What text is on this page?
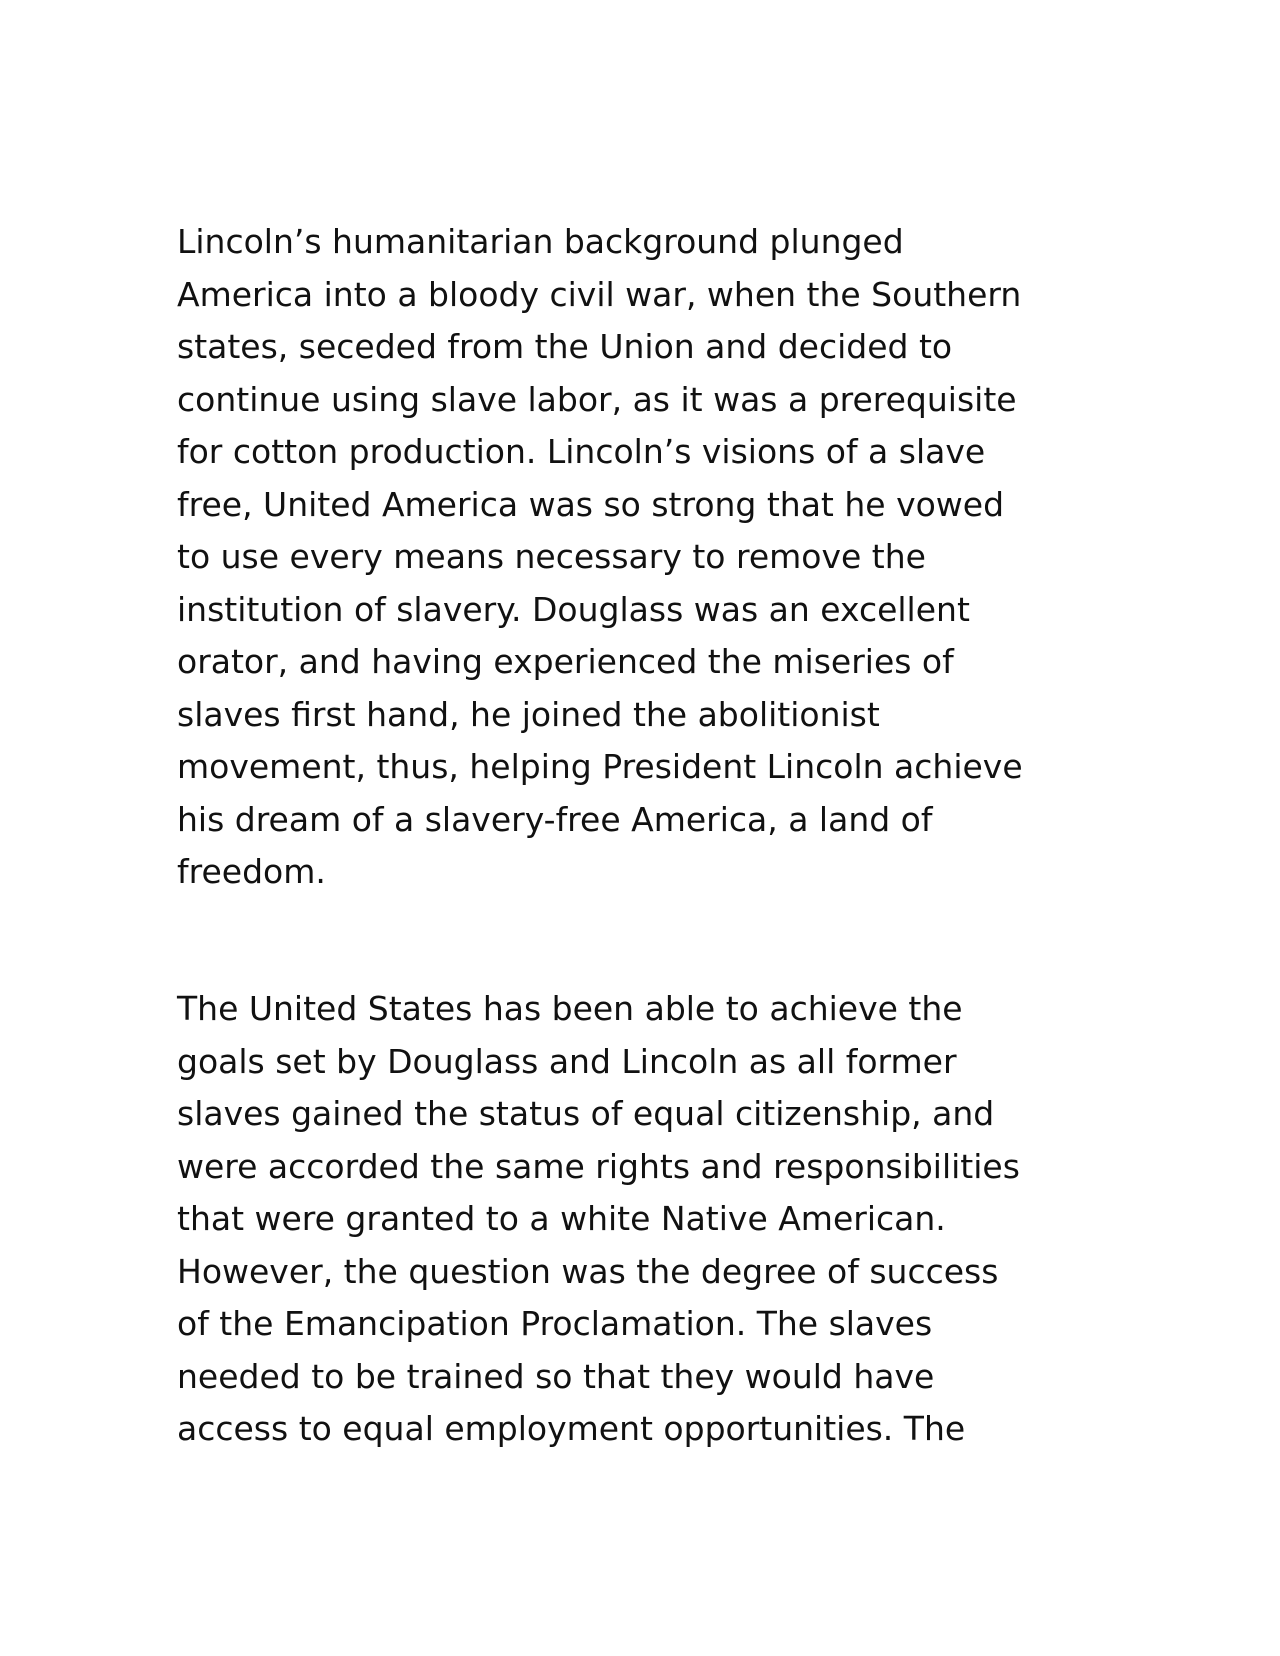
Lincoln’s humanitarian background plunged
America into a bloody civil war, when the Southern
states, seceded from the Union and decided to
continue using slave labor, as it was a prerequisite
for cotton production. Lincoln’s visions of a slave
free, United America was so strong that he vowed
to use every means necessary to remove the
institution of slavery. Douglass was an excellent
orator, and having experienced the miseries of
slaves first hand, he joined the abolitionist
movement, thus, helping President Lincoln achieve
his dream of a slavery-free America, a land of
freedom.
The United States has been able to achieve the
goals set by Douglass and Lincoln as all former
slaves gained the status of equal citizenship, and
were accorded the same rights and responsibilities
that were granted to a white Native American.
However, the question was the degree of success
of the Emancipation Proclamation. The slaves
needed to be trained so that they would have
access to equal employment opportunities. The
